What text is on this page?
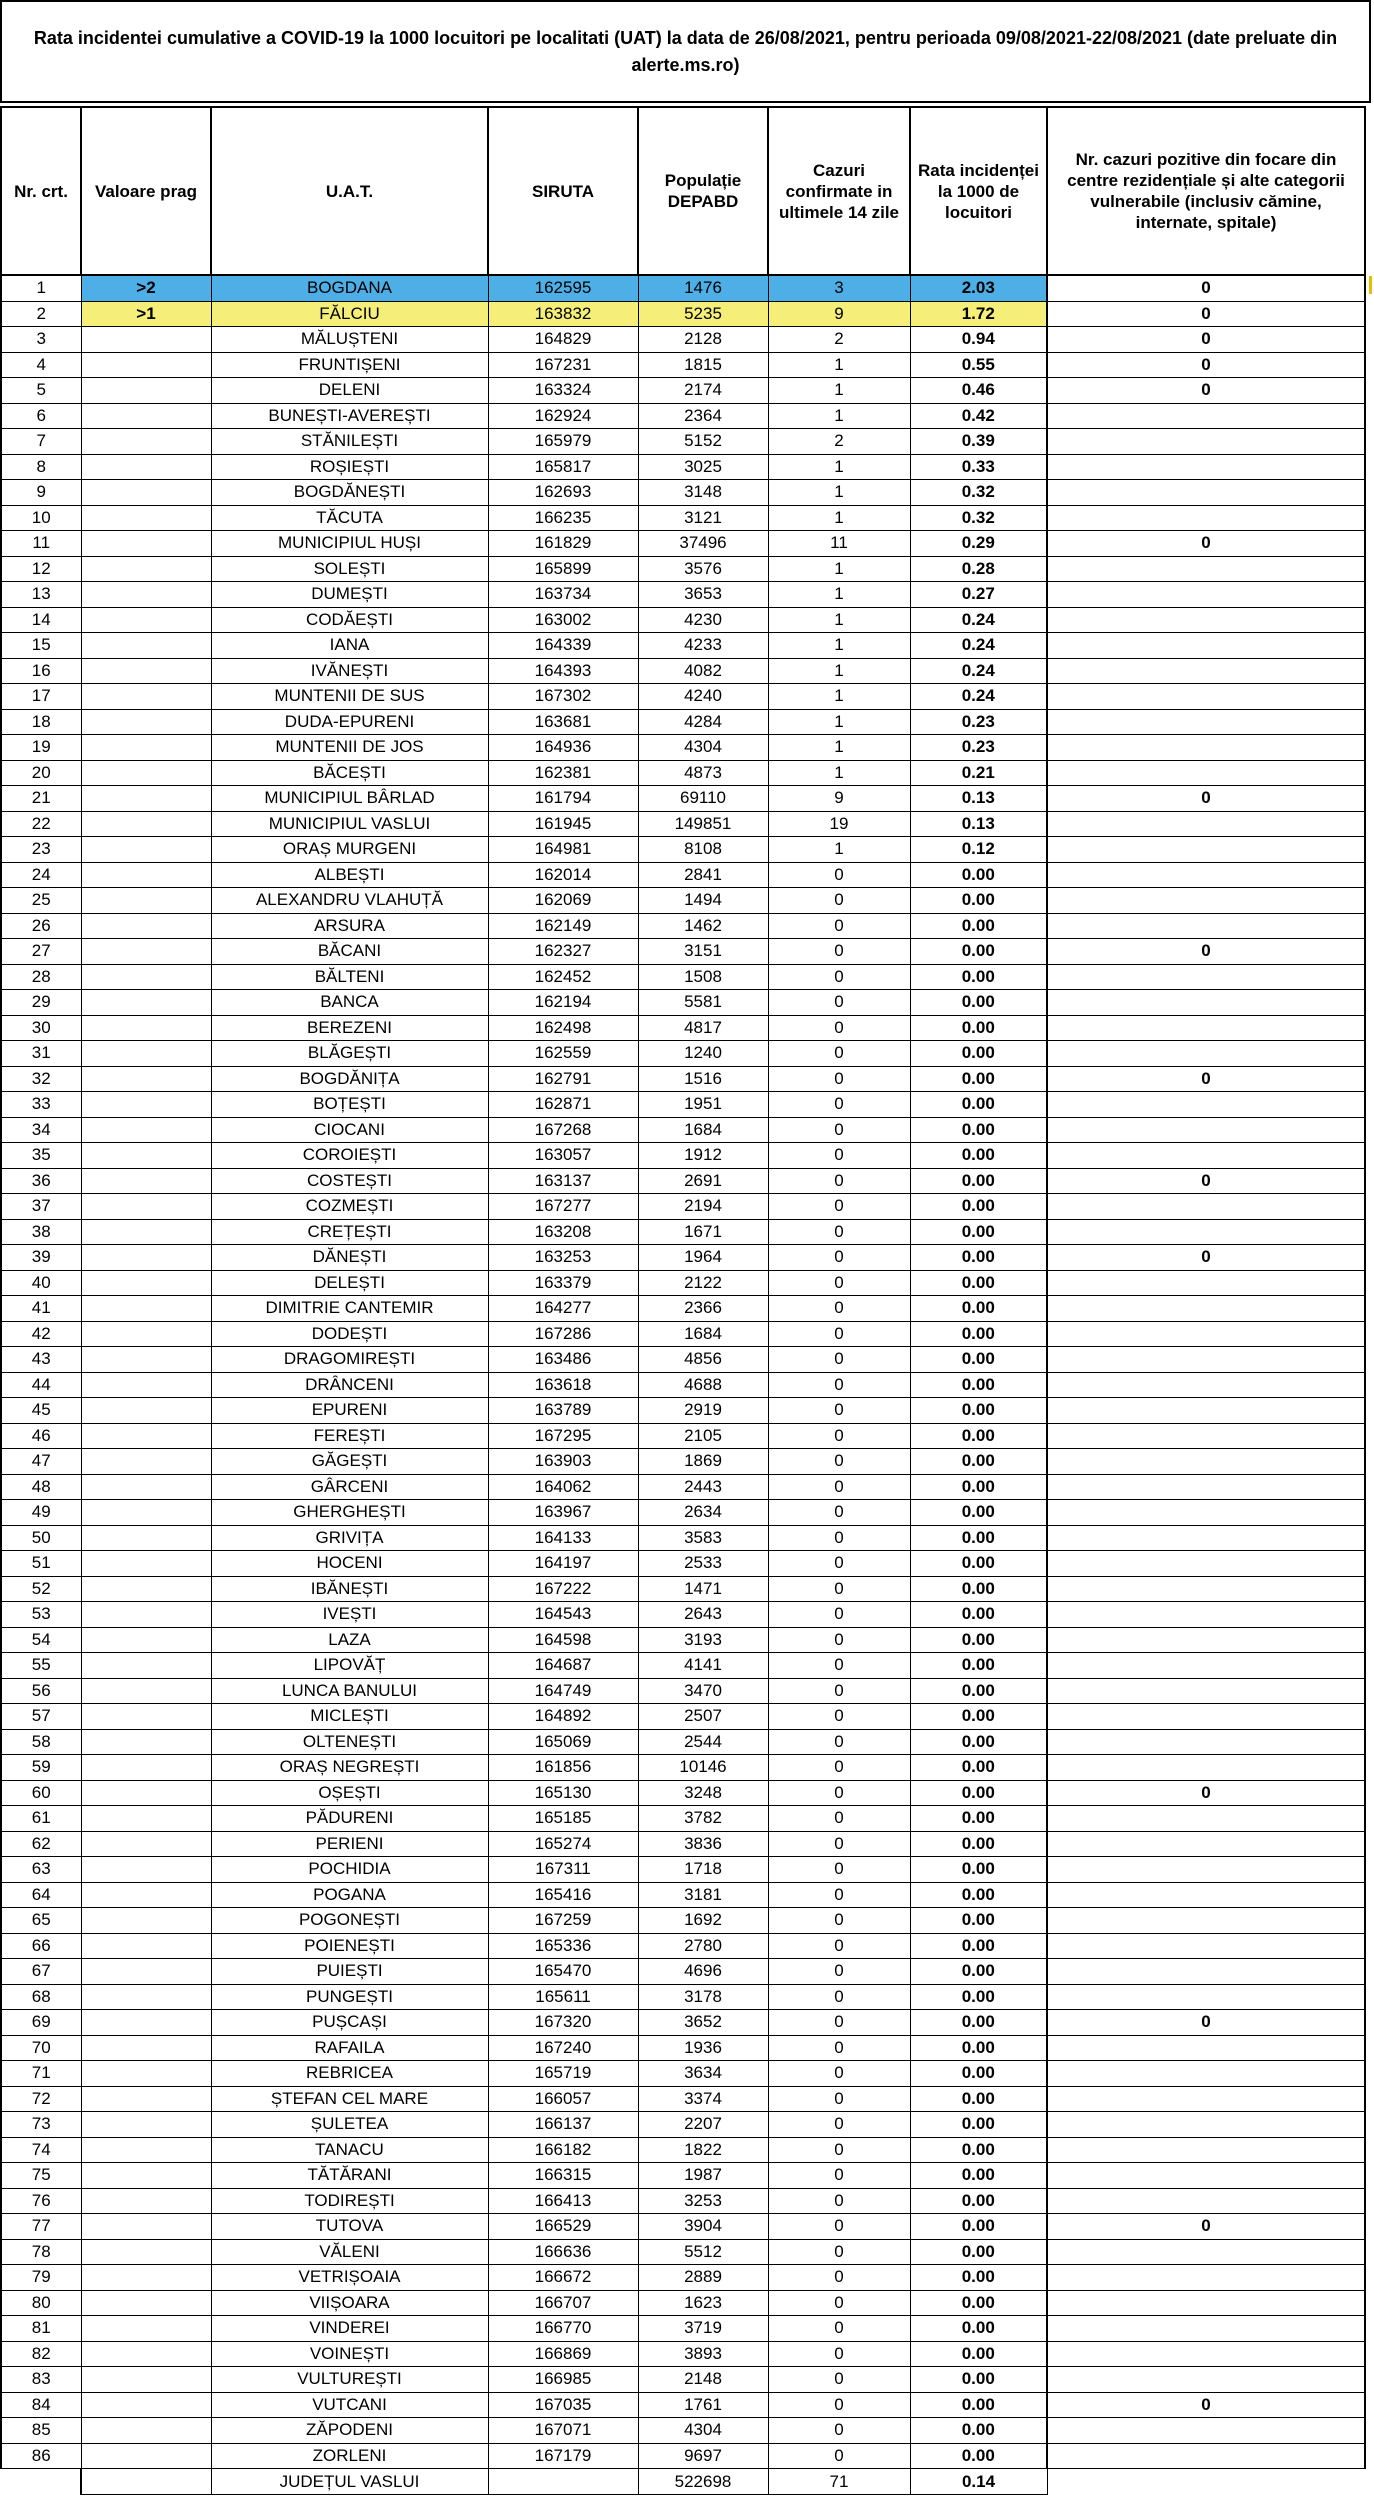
Rata incidentei cumulative a COVID-19 la 1000 locuitori pe localitati (UAT) la data de 26/08/2021, pentru perioada 09/08/2021-22/08/2021 (date preluate din alerte.ms.ro)
Nr. crt.	Valoare prag	U.A.T.	SIRUTA	Populație DEPABD	Cazuri confirmate in ultimele 14 zile	Rata incidenței la 1000 de locuitori	Nr. cazuri pozitive din focare din centre rezidențiale și alte categorii vulnerabile (inclusiv cămine, internate, spitale)	
1	>2	BOGDANA	162595	1476	3	2.03	0	
2	>1	FĂLCIU	163832	5235	9	1.72	0	
3		MĂLUȘTENI	164829	2128	2	0.94	0	
4		FRUNTIȘENI	167231	1815	1	0.55	0	
5		DELENI	163324	2174	1	0.46	0	
6		BUNEȘTI-AVEREȘTI	162924	2364	1	0.42		
7		STĂNILEȘTI	165979	5152	2	0.39		
8		ROȘIEȘTI	165817	3025	1	0.33		
9		BOGDĂNEȘTI	162693	3148	1	0.32		
10		TĂCUTA	166235	3121	1	0.32		
11		MUNICIPIUL HUȘI	161829	37496	11	0.29	0	
12		SOLEȘTI	165899	3576	1	0.28		
13		DUMEȘTI	163734	3653	1	0.27		
14		CODĂEȘTI	163002	4230	1	0.24		
15		IANA	164339	4233	1	0.24		
16		IVĂNEȘTI	164393	4082	1	0.24		
17		MUNTENII DE SUS	167302	4240	1	0.24		
18		DUDA-EPURENI	163681	4284	1	0.23		
19		MUNTENII DE JOS	164936	4304	1	0.23		
20		BĂCEȘTI	162381	4873	1	0.21		
21		MUNICIPIUL BÂRLAD	161794	69110	9	0.13	0	
22		MUNICIPIUL VASLUI	161945	149851	19	0.13		
23		ORAȘ MURGENI	164981	8108	1	0.12		
24		ALBEȘTI	162014	2841	0	0.00		
25		ALEXANDRU VLAHUȚĂ	162069	1494	0	0.00		
26		ARSURA	162149	1462	0	0.00		
27		BĂCANI	162327	3151	0	0.00	0	
28		BĂLTENI	162452	1508	0	0.00		
29		BANCA	162194	5581	0	0.00		
30		BEREZENI	162498	4817	0	0.00		
31		BLĂGEȘTI	162559	1240	0	0.00		
32		BOGDĂNIȚA	162791	1516	0	0.00	0	
33		BOȚEȘTI	162871	1951	0	0.00		
34		CIOCANI	167268	1684	0	0.00		
35		COROIEȘTI	163057	1912	0	0.00		
36		COSTEȘTI	163137	2691	0	0.00	0	
37		COZMEȘTI	167277	2194	0	0.00		
38		CREȚEȘTI	163208	1671	0	0.00		
39		DĂNEȘTI	163253	1964	0	0.00	0	
40		DELEȘTI	163379	2122	0	0.00		
41		DIMITRIE CANTEMIR	164277	2366	0	0.00		
42		DODEȘTI	167286	1684	0	0.00		
43		DRAGOMIREȘTI	163486	4856	0	0.00		
44		DRÂNCENI	163618	4688	0	0.00		
45		EPURENI	163789	2919	0	0.00		
46		FEREȘTI	167295	2105	0	0.00		
47		GĂGEȘTI	163903	1869	0	0.00		
48		GÂRCENI	164062	2443	0	0.00		
49		GHERGHEȘTI	163967	2634	0	0.00		
50		GRIVIȚA	164133	3583	0	0.00		
51		HOCENI	164197	2533	0	0.00		
52		IBĂNEȘTI	167222	1471	0	0.00		
53		IVEȘTI	164543	2643	0	0.00		
54		LAZA	164598	3193	0	0.00		
55		LIPOVĂȚ	164687	4141	0	0.00		
56		LUNCA BANULUI	164749	3470	0	0.00		
57		MICLEȘTI	164892	2507	0	0.00		
58		OLTENEȘTI	165069	2544	0	0.00		
59		ORAȘ NEGREȘTI	161856	10146	0	0.00		
60		OȘEȘTI	165130	3248	0	0.00	0	
61		PĂDURENI	165185	3782	0	0.00		
62		PERIENI	165274	3836	0	0.00		
63		POCHIDIA	167311	1718	0	0.00		
64		POGANA	165416	3181	0	0.00		
65		POGONEȘTI	167259	1692	0	0.00		
66		POIENEȘTI	165336	2780	0	0.00		
67		PUIEȘTI	165470	4696	0	0.00		
68		PUNGEȘTI	165611	3178	0	0.00		
69		PUȘCAȘI	167320	3652	0	0.00	0	
70		RAFAILA	167240	1936	0	0.00		
71		REBRICEA	165719	3634	0	0.00		
72		ȘTEFAN CEL MARE	166057	3374	0	0.00		
73		ȘULETEA	166137	2207	0	0.00		
74		TANACU	166182	1822	0	0.00		
75		TĂTĂRANI	166315	1987	0	0.00		
76		TODIREȘTI	166413	3253	0	0.00		
77		TUTOVA	166529	3904	0	0.00	0	
78		VĂLENI	166636	5512	0	0.00		
79		VETRIȘOAIA	166672	2889	0	0.00		
80		VIIȘOARA	166707	1623	0	0.00		
81		VINDEREI	166770	3719	0	0.00		
82		VOINEȘTI	166869	3893	0	0.00		
83		VULTUREȘTI	166985	2148	0	0.00		
84		VUTCANI	167035	1761	0	0.00	0	
85		ZĂPODENI	167071	4304	0	0.00		
86		ZORLENI	167179	9697	0	0.00		
		JUDEȚUL VASLUI		522698	71	0.14		
